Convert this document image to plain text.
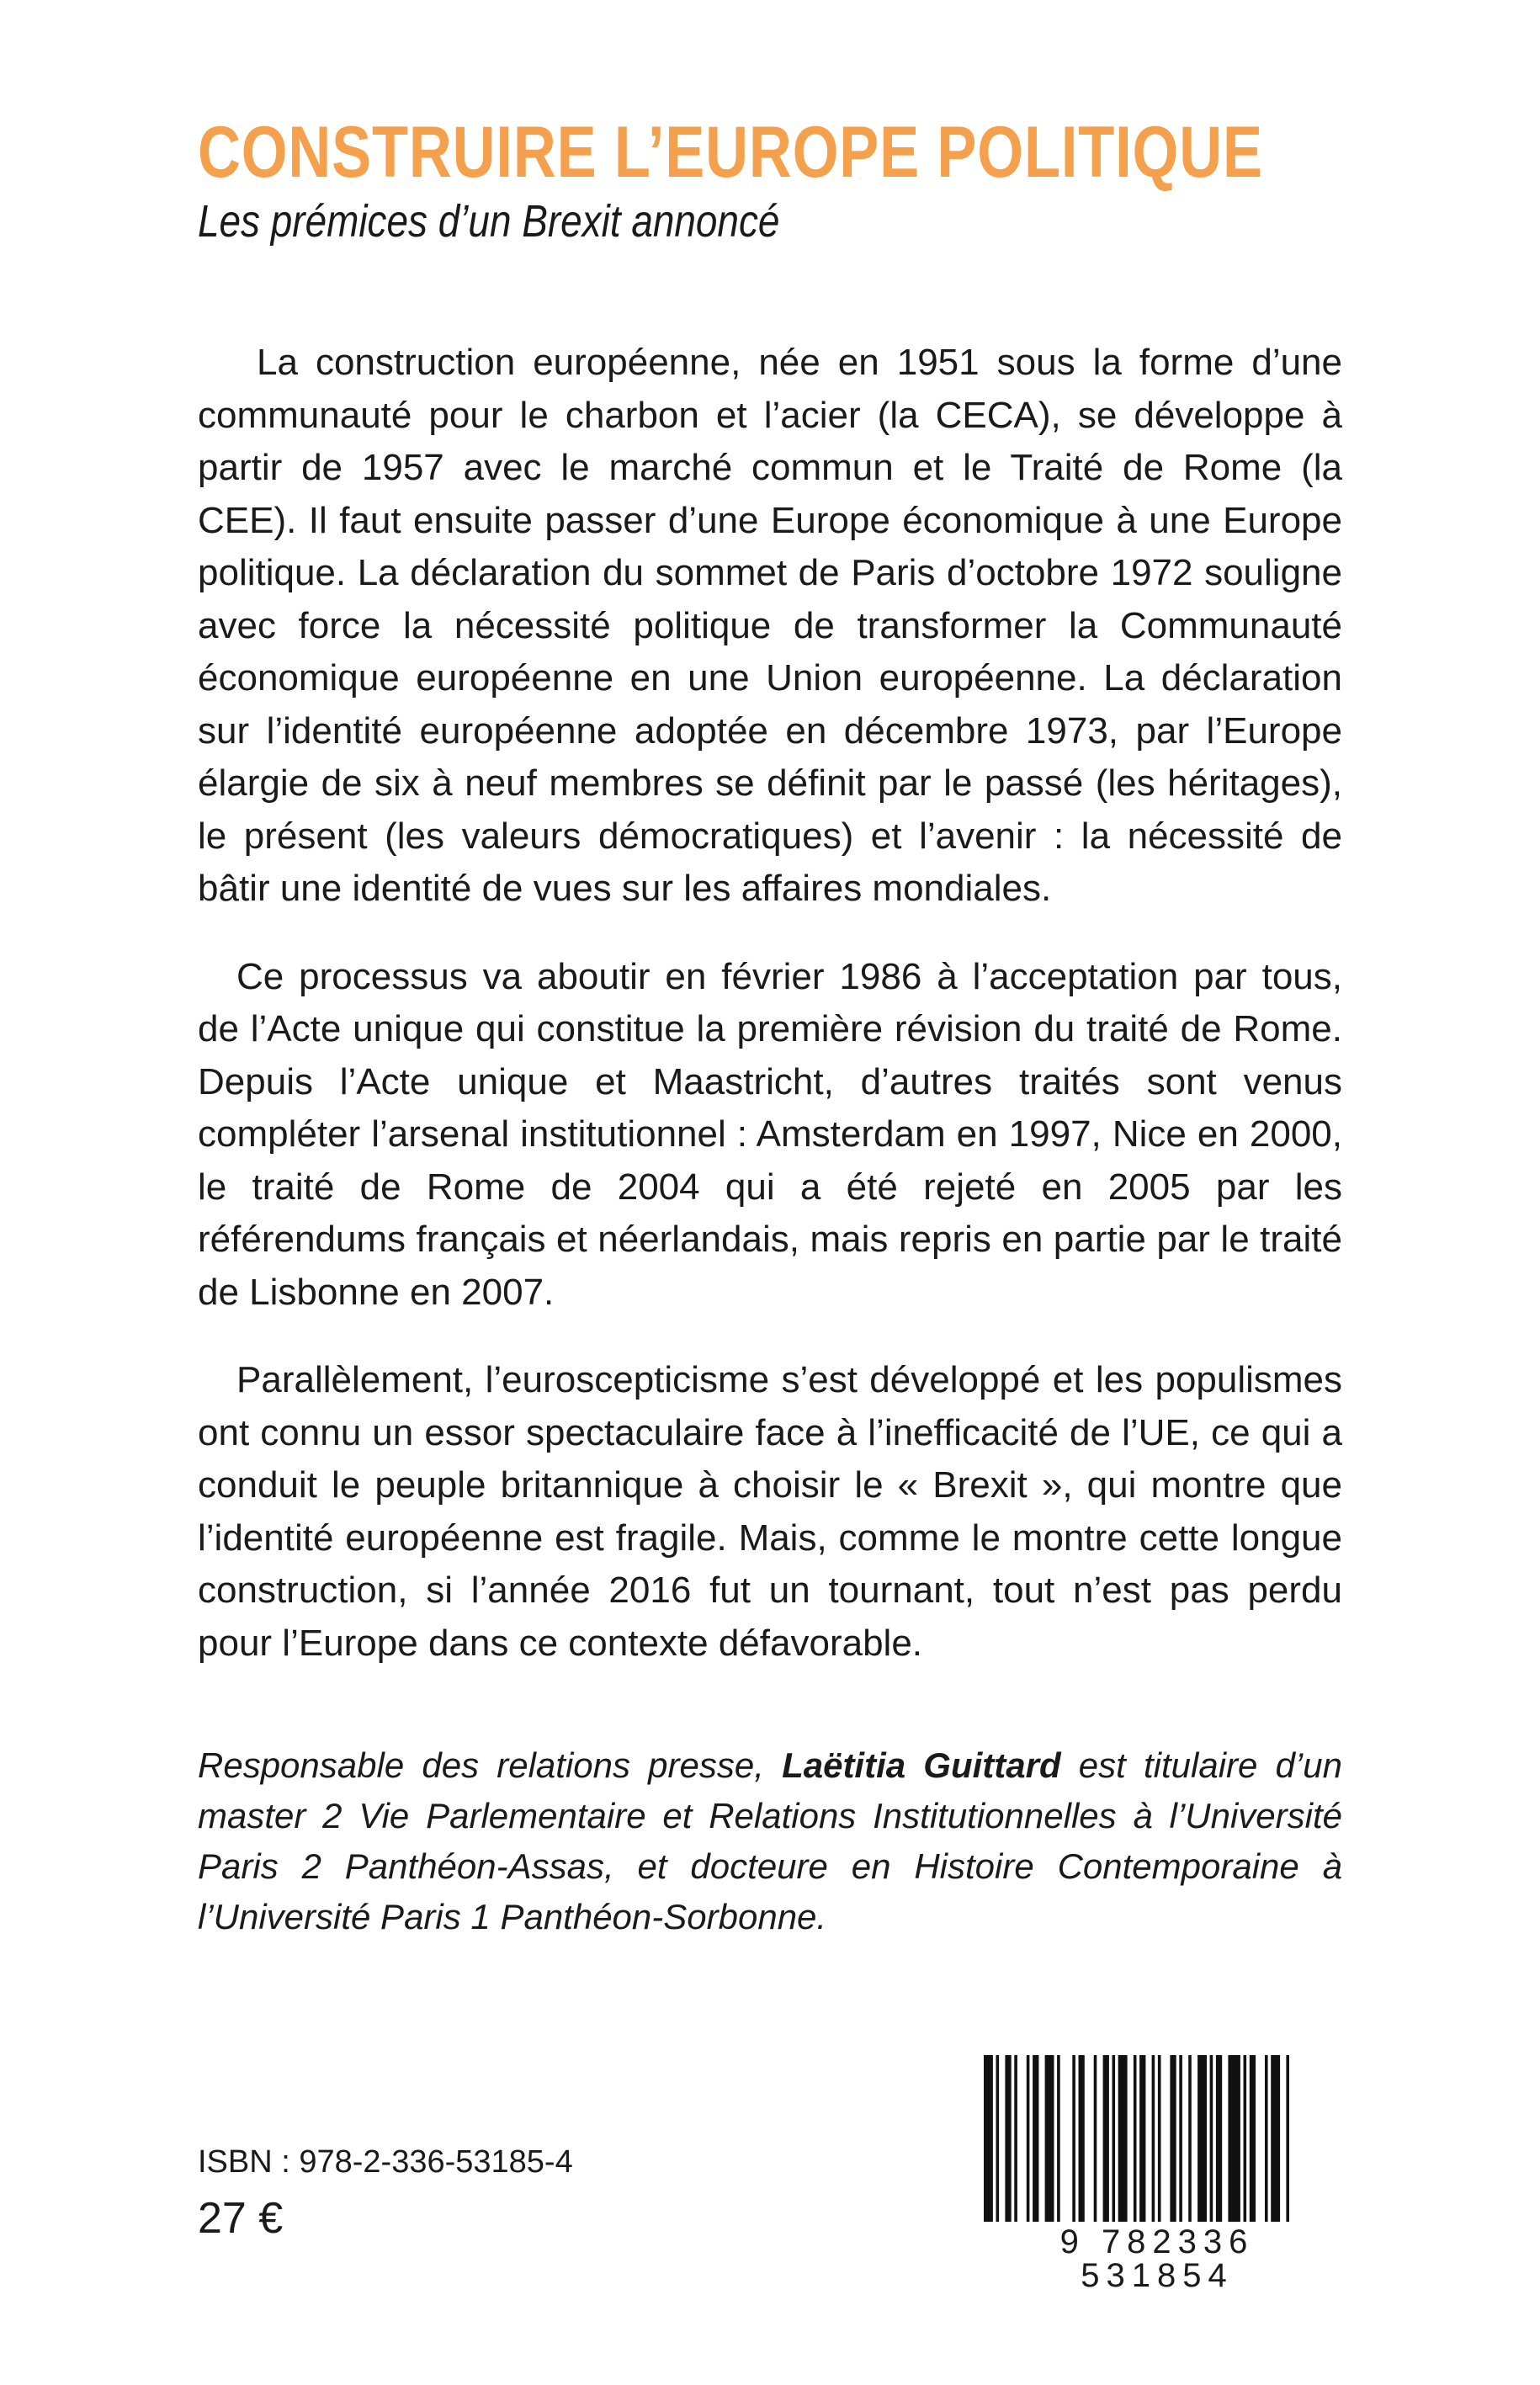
CONSTRUIRE L’EUROPE POLITIQUE
Les prémices d’un Brexit annoncé

La construction européenne, née en 1951 sous la forme d’une communauté pour le charbon et l’acier (la CECA), se développe à partir de 1957 avec le marché commun et le Traité de Rome (la CEE). Il faut ensuite passer d’une Europe économique à une Europe politique. La déclaration du sommet de Paris d’octobre 1972 souligne avec force la nécessité politique de transformer la Communauté économique européenne en une Union européenne. La déclaration sur l’identité européenne adoptée en décembre 1973, par l’Europe élargie de six à neuf membres se définit par le passé (les héritages), le présent (les valeurs démocratiques) et l’avenir : la nécessité de bâtir une identité de vues sur les affaires mondiales.

Ce processus va aboutir en février 1986 à l’acceptation par tous, de l’Acte unique qui constitue la première révision du traité de Rome. Depuis l’Acte unique et Maastricht, d’autres traités sont venus compléter l’arsenal institutionnel : Amsterdam en 1997, Nice en 2000, le traité de Rome de 2004 qui a été rejeté en 2005 par les référendums français et néerlandais, mais repris en partie par le traité de Lisbonne en 2007.

Parallèlement, l’euroscepticisme s’est développé et les populismes ont connu un essor spectaculaire face à l’inefficacité de l’UE, ce qui a conduit le peuple britannique à choisir le « Brexit », qui montre que l’identité européenne est fragile. Mais, comme le montre cette longue construction, si l’année 2016 fut un tournant, tout n’est pas perdu pour l’Europe dans ce contexte défavorable.

Responsable des relations presse, Laëtitia Guittard est titulaire d’un master 2 Vie Parlementaire et Relations Institutionnelles à l’Université Paris 2 Panthéon-Assas, et docteure en Histoire Contemporaine à l’Université Paris 1 Panthéon-Sorbonne.
ISBN : 978-2-336-53185-4
27 €	9 782336 531854
